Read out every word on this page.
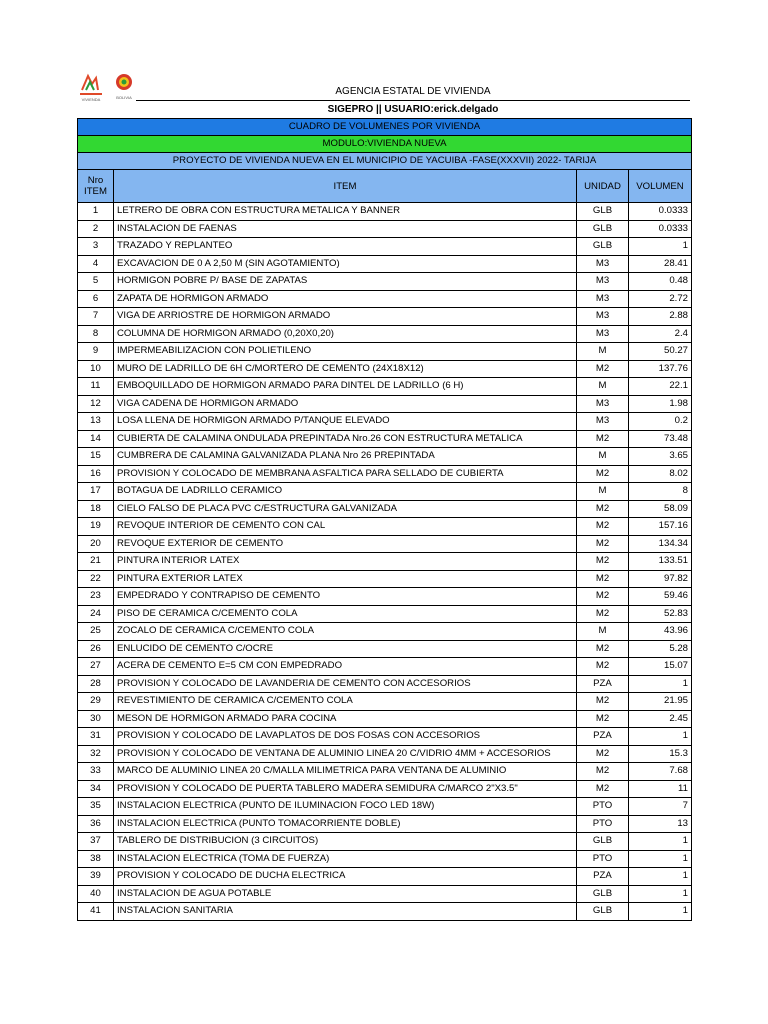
VIVIENDA	BOLIVIA
AGENCIA ESTATAL DE VIVIENDA
SIGEPRO || USUARIO:erick.delgado
CUADRO DE VOLUMENES POR VIVIENDA			
MODULO:VIVIENDA NUEVA			
PROYECTO DE VIVIENDA NUEVA EN EL MUNICIPIO DE YACUIBA -FASE(XXXVII) 2022- TARIJA			
Nro
ITEM	ITEM	UNIDAD	VOLUMEN
1	LETRERO DE OBRA CON ESTRUCTURA METALICA Y BANNER	GLB	0.0333
2	INSTALACION DE FAENAS	GLB	0.0333
3	TRAZADO Y REPLANTEO	GLB	1
4	EXCAVACION DE 0 A 2,50 M (SIN AGOTAMIENTO)	M3	28.41
5	HORMIGON POBRE P/ BASE DE ZAPATAS	M3	0.48
6	ZAPATA DE HORMIGON ARMADO	M3	2.72
7	VIGA DE ARRIOSTRE DE HORMIGON ARMADO	M3	2.88
8	COLUMNA DE HORMIGON ARMADO (0,20X0,20)	M3	2.4
9	IMPERMEABILIZACION CON POLIETILENO	M	50.27
10	MURO DE LADRILLO DE 6H C/MORTERO DE CEMENTO (24X18X12)	M2	137.76
11	EMBOQUILLADO DE HORMIGON ARMADO PARA DINTEL DE LADRILLO (6 H)	M	22.1
12	VIGA CADENA DE HORMIGON ARMADO	M3	1.98
13	LOSA LLENA DE HORMIGON ARMADO P/TANQUE ELEVADO	M3	0.2
14	CUBIERTA DE CALAMINA ONDULADA PREPINTADA Nro.26 CON ESTRUCTURA METALICA	M2	73.48
15	CUMBRERA DE CALAMINA GALVANIZADA PLANA Nro 26 PREPINTADA	M	3.65
16	PROVISION Y COLOCADO DE MEMBRANA ASFALTICA PARA SELLADO DE CUBIERTA	M2	8.02
17	BOTAGUA DE LADRILLO CERAMICO	M	8
18	CIELO FALSO DE PLACA PVC C/ESTRUCTURA GALVANIZADA	M2	58.09
19	REVOQUE INTERIOR DE CEMENTO CON CAL	M2	157.16
20	REVOQUE EXTERIOR DE CEMENTO	M2	134.34
21	PINTURA INTERIOR LATEX	M2	133.51
22	PINTURA EXTERIOR LATEX	M2	97.82
23	EMPEDRADO Y CONTRAPISO DE CEMENTO	M2	59.46
24	PISO DE CERAMICA C/CEMENTO COLA	M2	52.83
25	ZOCALO DE CERAMICA C/CEMENTO COLA	M	43.96
26	ENLUCIDO DE CEMENTO C/OCRE	M2	5.28
27	ACERA DE CEMENTO E=5 CM CON EMPEDRADO	M2	15.07
28	PROVISION Y COLOCADO DE LAVANDERIA DE CEMENTO CON ACCESORIOS	PZA	1
29	REVESTIMIENTO DE CERAMICA C/CEMENTO COLA	M2	21.95
30	MESON DE HORMIGON ARMADO PARA COCINA	M2	2.45
31	PROVISION Y COLOCADO DE LAVAPLATOS DE DOS FOSAS CON ACCESORIOS	PZA	1
32	PROVISION Y COLOCADO DE VENTANA DE ALUMINIO LINEA 20 C/VIDRIO 4MM + ACCESORIOS	M2	15.3
33	MARCO DE ALUMINIO LINEA 20 C/MALLA MILIMETRICA PARA VENTANA DE ALUMINIO	M2	7.68
34	PROVISION Y COLOCADO DE PUERTA TABLERO MADERA SEMIDURA C/MARCO 2"X3.5"	M2	11
35	INSTALACION ELECTRICA (PUNTO DE ILUMINACION FOCO LED 18W)	PTO	7
36	INSTALACION ELECTRICA (PUNTO TOMACORRIENTE DOBLE)	PTO	13
37	TABLERO DE DISTRIBUCION (3 CIRCUITOS)	GLB	1
38	INSTALACION ELECTRICA (TOMA DE FUERZA)	PTO	1
39	PROVISION Y COLOCADO DE DUCHA ELECTRICA	PZA	1
40	INSTALACION DE AGUA POTABLE	GLB	1
41	INSTALACION SANITARIA	GLB	1
